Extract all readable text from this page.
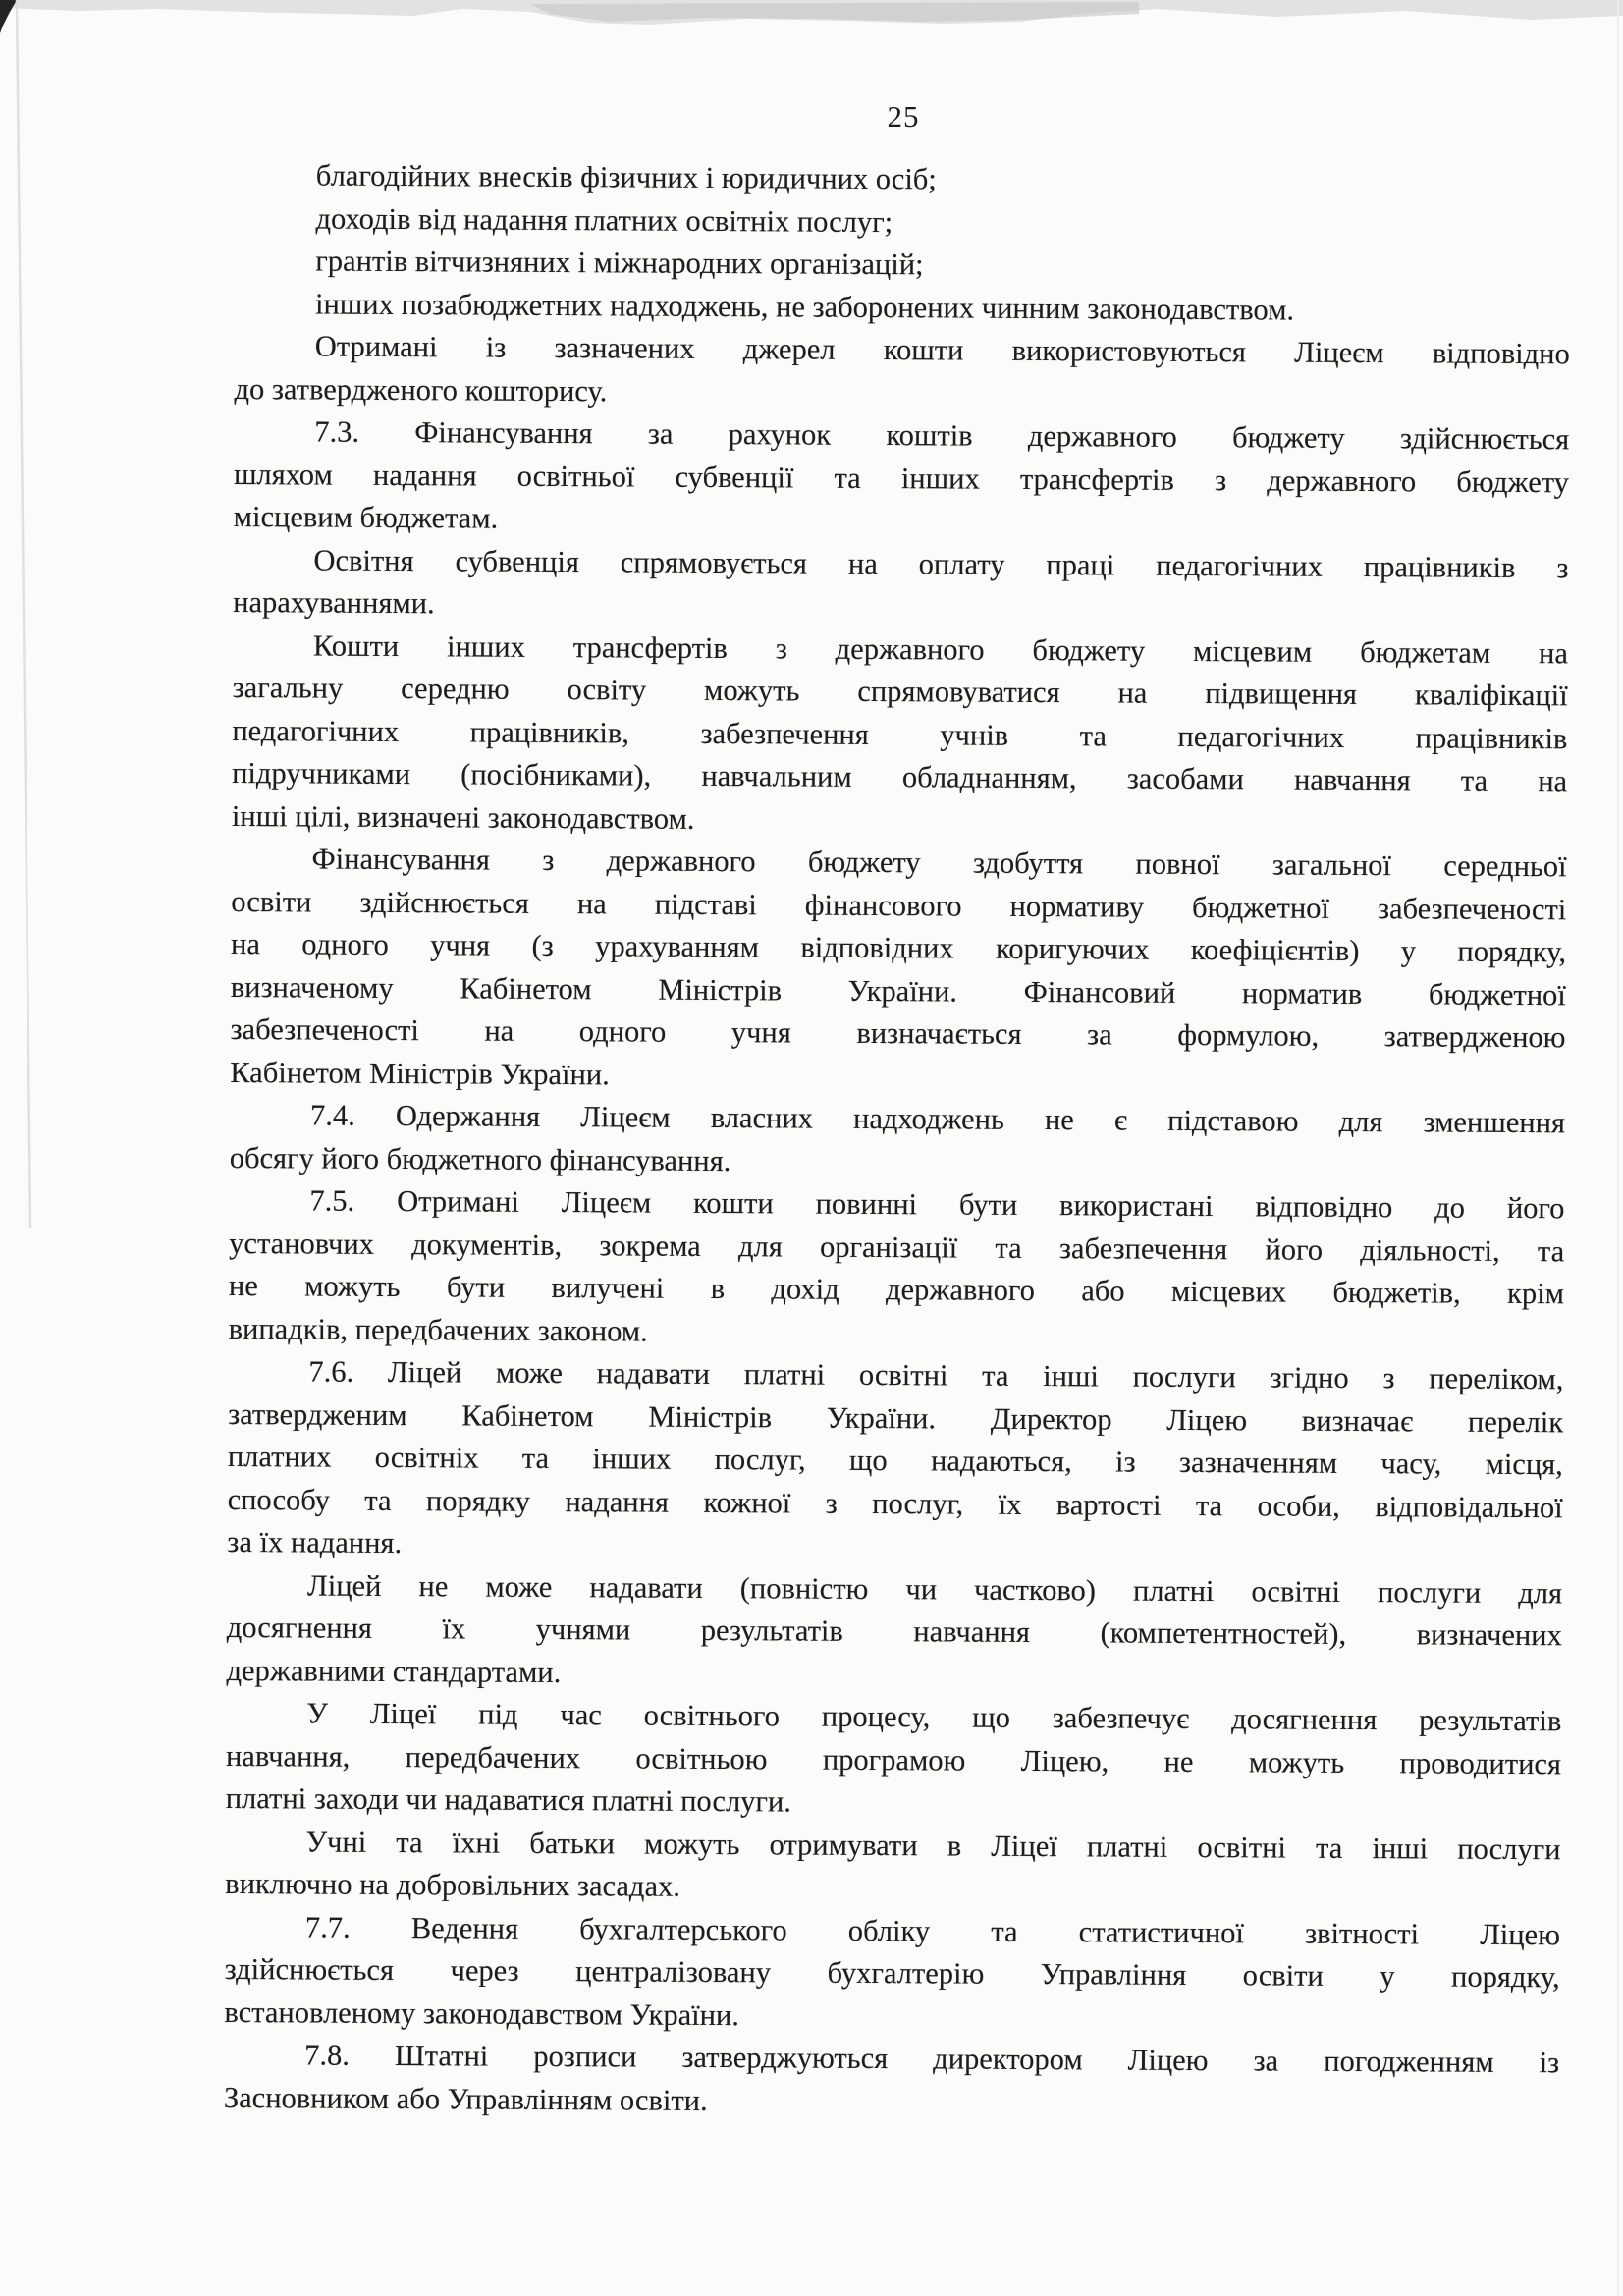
25
благодійних внесків фізичних і юридичних осіб;
доходів від надання платних освітніх послуг;
грантів вітчизняних і міжнародних організацій;
інших позабюджетних надходжень, не заборонених чинним законодавством.
Отримані із зазначених джерел кошти використовуються Ліцеєм відповідно
до затвердженого кошторису.
7.3. Фінансування за рахунок коштів державного бюджету здійснюється
шляхом надання освітньої субвенції та інших трансфертів з державного бюджету
місцевим бюджетам.
Освітня субвенція спрямовується на оплату праці педагогічних працівників з
нарахуваннями.
Кошти інших трансфертів з державного бюджету місцевим бюджетам на
загальну середню освіту можуть спрямовуватися на підвищення кваліфікації
педагогічних працівників, забезпечення учнів та педагогічних працівників
підручниками (посібниками), навчальним обладнанням, засобами навчання та на
інші цілі, визначені законодавством.
Фінансування з державного бюджету здобуття повної загальної середньої
освіти здійснюється на підставі фінансового нормативу бюджетної забезпеченості
на одного учня (з урахуванням відповідних коригуючих коефіцієнтів) у порядку,
визначеному Кабінетом Міністрів України. Фінансовий норматив бюджетної
забезпеченості на одного учня визначається за формулою, затвердженою
Кабінетом Міністрів України.
7.4. Одержання Ліцеєм власних надходжень не є підставою для зменшення
обсягу його бюджетного фінансування.
7.5. Отримані Ліцеєм кошти повинні бути використані відповідно до його
установчих документів, зокрема для організації та забезпечення його діяльності, та
не можуть бути вилучені в дохід державного або місцевих бюджетів, крім
випадків, передбачених законом.
7.6. Ліцей може надавати платні освітні та інші послуги згідно з переліком,
затвердженим Кабінетом Міністрів України. Директор Ліцею визначає перелік
платних освітніх та інших послуг, що надаються, із зазначенням часу, місця,
способу та порядку надання кожної з послуг, їх вартості та особи, відповідальної
за їх надання.
Ліцей не може надавати (повністю чи частково) платні освітні послуги для
досягнення їх учнями результатів навчання (компетентностей), визначених
державними стандартами.
У Ліцеї під час освітнього процесу, що забезпечує досягнення результатів
навчання, передбачених освітньою програмою Ліцею, не можуть проводитися
платні заходи чи надаватися платні послуги.
Учні та їхні батьки можуть отримувати в Ліцеї платні освітні та інші послуги
виключно на добровільних засадах.
7.7. Ведення бухгалтерського обліку та статистичної звітності Ліцею
здійснюється через централізовану бухгалтерію Управління освіти у порядку,
встановленому законодавством України.
7.8. Штатні розписи затверджуються директором Ліцею за погодженням із
Засновником або Управлінням освіти.
